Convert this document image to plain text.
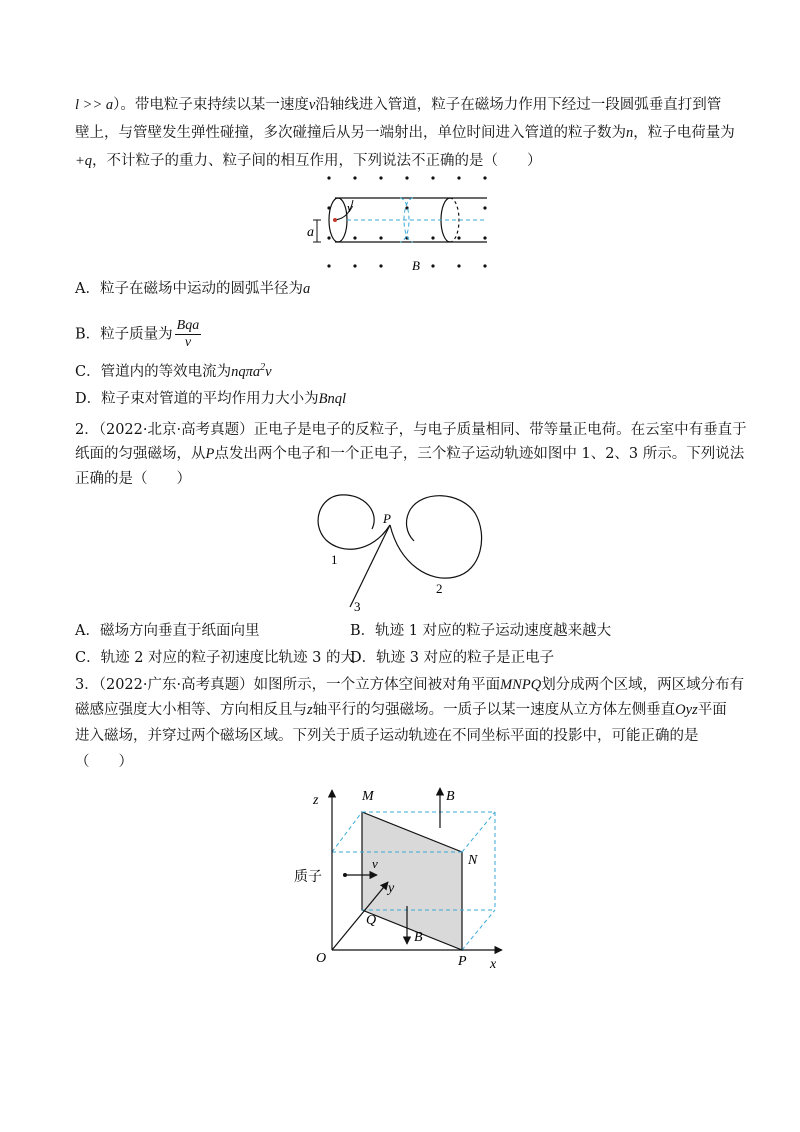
l >> a）。带电粒子束持续以某一速度v沿轴线进入管道，粒子在磁场力作用下经过一段圆弧垂直打到管
壁上，与管壁发生弹性碰撞，多次碰撞后从另一端射出，单位时间进入管道的粒子数为n，粒子电荷量为
+q，不计粒子的重力、粒子间的相互作用，下列说法不正确的是（　　）
v
a
B
A．粒子在磁场中运动的圆弧半径为a
B．粒子质量为 $\frac{\text{Bqa}}{v}$
C．管道内的等效电流为nqπa$^2$v
D．粒子束对管道的平均作用力大小为Bnql
2．（2022·北京·高考真题）正电子是电子的反粒子，与电子质量相同、带等量正电荷。在云室中有垂直于
纸面的匀强磁场，从P点发出两个电子和一个正电子，三个粒子运动轨迹如图中 1、2、3 所示。下列说法
正确的是（　　）
P
1
2
3
A．磁场方向垂直于纸面向里	B．轨迹 1 对应的粒子运动速度越来越大
C．轨迹 2 对应的粒子初速度比轨迹 3 的大
D．轨迹 3 对应的粒子是正电子
3．（2022·广东·高考真题）如图所示，一个立方体空间被对角平面MNPQ划分成两个区域，两区域分布有
磁感应强度大小相等、方向相反且与z轴平行的匀强磁场。一质子以某一速度从立方体左侧垂直Oyz平面
进入磁场，并穿过两个磁场区域。下列关于质子运动轨迹在不同坐标平面的投影中，可能正确的是
（　　）
z	M	B
N
质子
v
y
Q
B
O	P x
